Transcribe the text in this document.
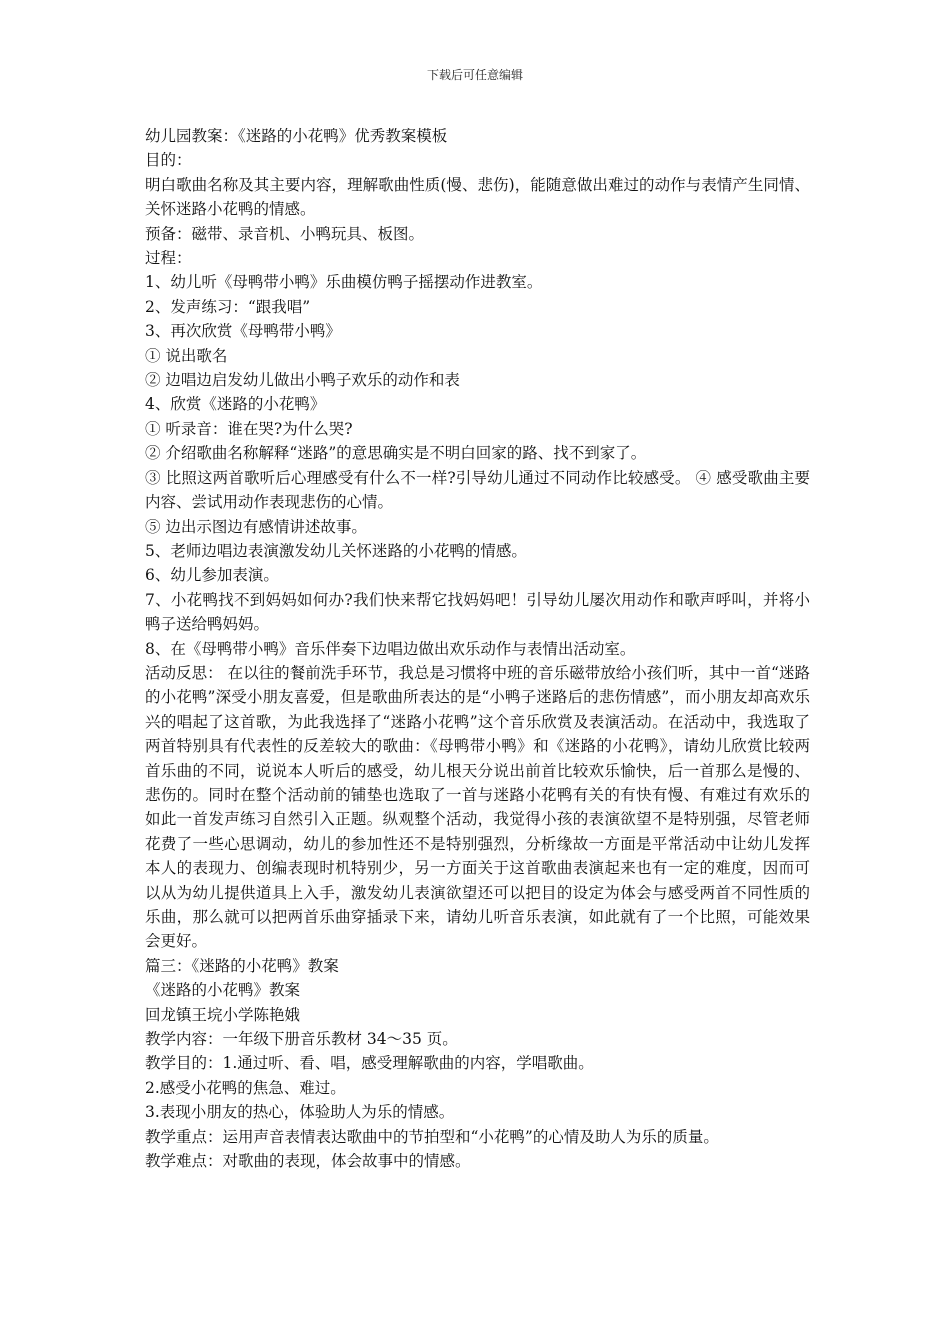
下载后可任意编辑
幼儿园教案：《迷路的小花鸭》优秀教案模板
目的：
明白歌曲名称及其主要内容，理解歌曲性质(慢、悲伤)，能随意做出难过的动作与表情产生同情、关怀迷路小花鸭的情感。
预备：磁带、录音机、小鸭玩具、板图。
过程：
1、幼儿听《母鸭带小鸭》乐曲模仿鸭子摇摆动作进教室。
2、发声练习：“跟我唱”
3、再次欣赏《母鸭带小鸭》
① 说出歌名
② 边唱边启发幼儿做出小鸭子欢乐的动作和表
4、欣赏《迷路的小花鸭》
① 听录音：谁在哭?为什么哭?
② 介绍歌曲名称解释“迷路”的意思确实是不明白回家的路、找不到家了。
③ 比照这两首歌听后心理感受有什么不一样?引导幼儿通过不同动作比较感受。 ④ 感受歌曲主要内容、尝试用动作表现悲伤的心情。
⑤ 边出示图边有感情讲述故事。
5、老师边唱边表演激发幼儿关怀迷路的小花鸭的情感。
6、幼儿参加表演。
7、小花鸭找不到妈妈如何办?我们快来帮它找妈妈吧！引导幼儿屡次用动作和歌声呼叫，并将小鸭子送给鸭妈妈。
8、在《母鸭带小鸭》音乐伴奏下边唱边做出欢乐动作与表情出活动室。
活动反思： 在以往的餐前洗手环节，我总是习惯将中班的音乐磁带放给小孩们听，其中一首“迷路的小花鸭”深受小朋友喜爱，但是歌曲所表达的是“小鸭子迷路后的悲伤情感”，而小朋友却高欢乐兴的唱起了这首歌，为此我选择了“迷路小花鸭”这个音乐欣赏及表演活动。在活动中，我选取了两首特别具有代表性的反差较大的歌曲：《母鸭带小鸭》和《迷路的小花鸭》，请幼儿欣赏比较两首乐曲的不同，说说本人听后的感受，幼儿根天分说出前首比较欢乐愉快，后一首那么是慢的、悲伤的。同时在整个活动前的铺垫也选取了一首与迷路小花鸭有关的有快有慢、有难过有欢乐的如此一首发声练习自然引入正题。纵观整个活动，我觉得小孩的表演欲望不是特别强，尽管老师花费了一些心思调动，幼儿的参加性还不是特别强烈，分析缘故一方面是平常活动中让幼儿发挥本人的表现力、创编表现时机特别少，另一方面关于这首歌曲表演起来也有一定的难度，因而可以从为幼儿提供道具上入手，激发幼儿表演欲望还可以把目的设定为体会与感受两首不同性质的乐曲，那么就可以把两首乐曲穿插录下来，请幼儿听音乐表演，如此就有了一个比照，可能效果会更好。
篇三：《迷路的小花鸭》教案
《迷路的小花鸭》教案
回龙镇王垸小学陈艳娥
教学内容：一年级下册音乐教材 34～35 页。
教学目的：1.通过听、看、唱，感受理解歌曲的内容，学唱歌曲。
2.感受小花鸭的焦急、难过。
3.表现小朋友的热心，体验助人为乐的情感。
教学重点：运用声音表情表达歌曲中的节拍型和“小花鸭”的心情及助人为乐的质量。
教学难点：对歌曲的表现，体会故事中的情感。
